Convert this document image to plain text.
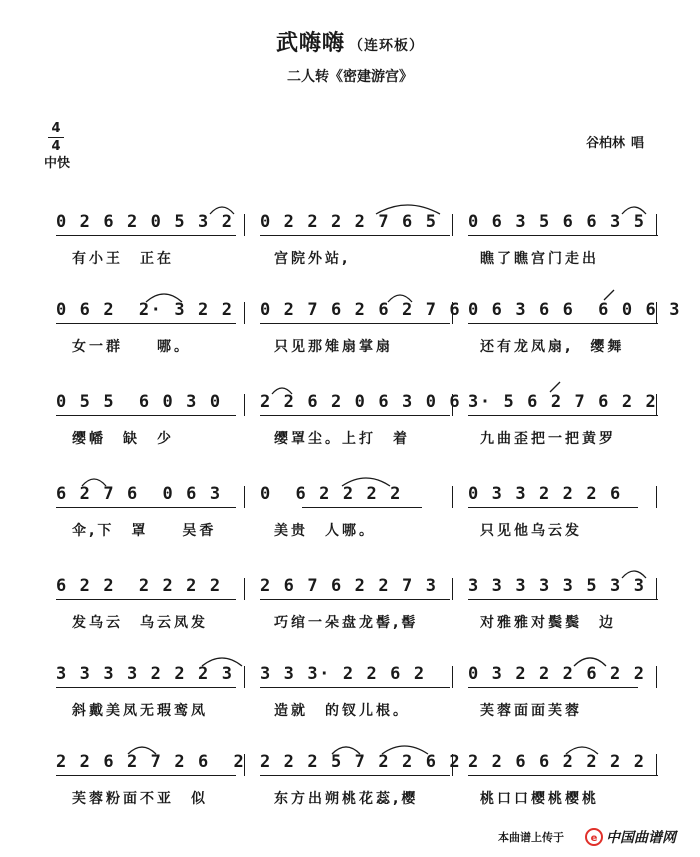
武嗨嗨 （连环板）
二人转《密建游宫》
4
4
中快
谷柏林 唱
0 2 6 2 0 5 3 2 0 2 2 2 2 7 6 5 0 6 3 5 6 6 3 5
有小王　正在	宫院外站,	瞧了瞧宫门走出
0 6 2  2· 3 2 2 0 2 7 6 2 6 2 7 6 0 6 3 6 6  6 0 6 3
女一群　　哪。	只见那雉扇掌扇	还有龙凤扇,　缨舞
0 5 5  6 0 3 0 2 2 6 2 0 6 3 0 6 3· 5 6 2 7 6 2 2
缨幡　缺　少	缨罩尘。上打　着	九曲歪把一把黄罗
6 2 7 6  0 6 3 0  6 2 2 2 2	0 3 3 2 2 2 6
伞,下　罩　　吴香	美贵　人哪。	只见他乌云发
6 2 2  2 2 2 2 2 6 7 6 2 2 7 3 3 3 3 3 3 5 3 3
发乌云　乌云凤发	巧绾一朵盘龙髻,髻	对雅雅对鬓鬓　边
3 3 3 3 2 2 2 3 3 3 3· 2 2 6 2 0 3 2 2 2 6 2 2
斜戴美凤无瑕鸾凤	造就　的钗儿根。	芙蓉面面芙蓉
2 2 6 2 7 2 6  2 2 2 2 5 7 2 2 6 2 2 2 6 6 2 2 2 2
芙蓉粉面不亚　似	东方出朔桃花蕊,樱	桃口口樱桃樱桃
本曲谱上传于	e 中国曲谱网
